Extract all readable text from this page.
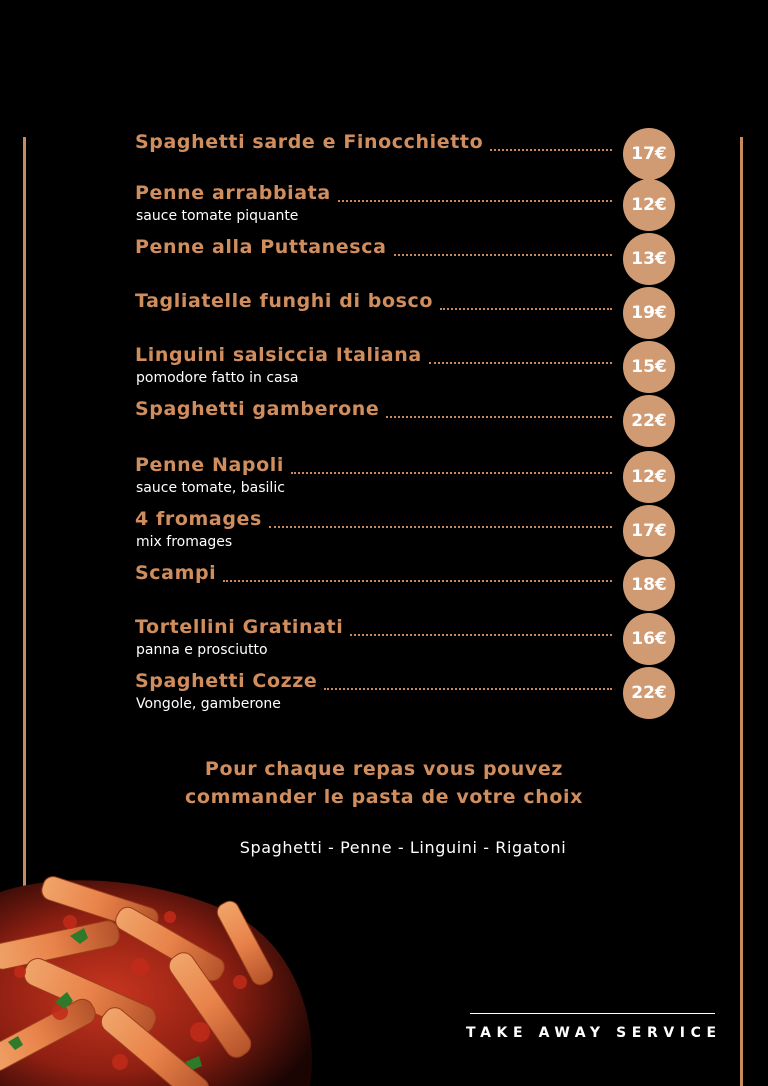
Spaghetti sarde e Finocchietto
17€
Penne arrabbiata
sauce tomate piquante
12€
Penne alla Puttanesca
13€
Tagliatelle funghi di bosco
19€
Linguini salsiccia Italiana
pomodore fatto in casa
15€
Spaghetti gamberone
22€
Penne Napoli
sauce tomate, basilic
12€
4 fromages
mix fromages
17€
Scampi
18€
Tortellini Gratinati
panna e prosciutto
16€
Spaghetti Cozze
Vongole, gamberone
22€
Pour chaque repas vous pouvez
commander le pasta de votre choix
Spaghetti - Penne - Linguini - Rigatoni
TAKE AWAY SERVICE
